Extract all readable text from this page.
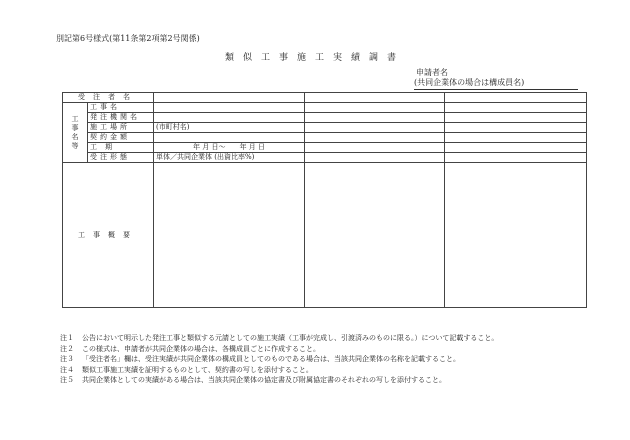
別記第6号様式(第11条第2項第2号関係)
類似工事施工実績調書
申請者名
(共同企業体の場合は構成員名)
受注者名				
工事名等	工事名			
	発注機関名			
	施工場所	(市町村名)		
	契約金額			
	工期	年 月 日〜　　年 月 日		
	受注形態	単体／共同企業体 (出資比率%)		
工事概要				
注１ 公告において明示した発注工事と類似する元請としての施工実績（工事が完成し、引渡済みのものに限る。）について記載すること。
注２ この様式は、申請者が共同企業体の場合は、各構成員ごとに作成すること。
注３ 「受注者名」欄は、受注実績が共同企業体の構成員としてのものである場合は、当該共同企業体の名称を記載すること。
注４ 類似工事施工実績を証明するものとして、契約書の写しを添付すること。
注５ 共同企業体としての実績がある場合は、当該共同企業体の協定書及び附属協定書のそれぞれの写しを添付すること。
